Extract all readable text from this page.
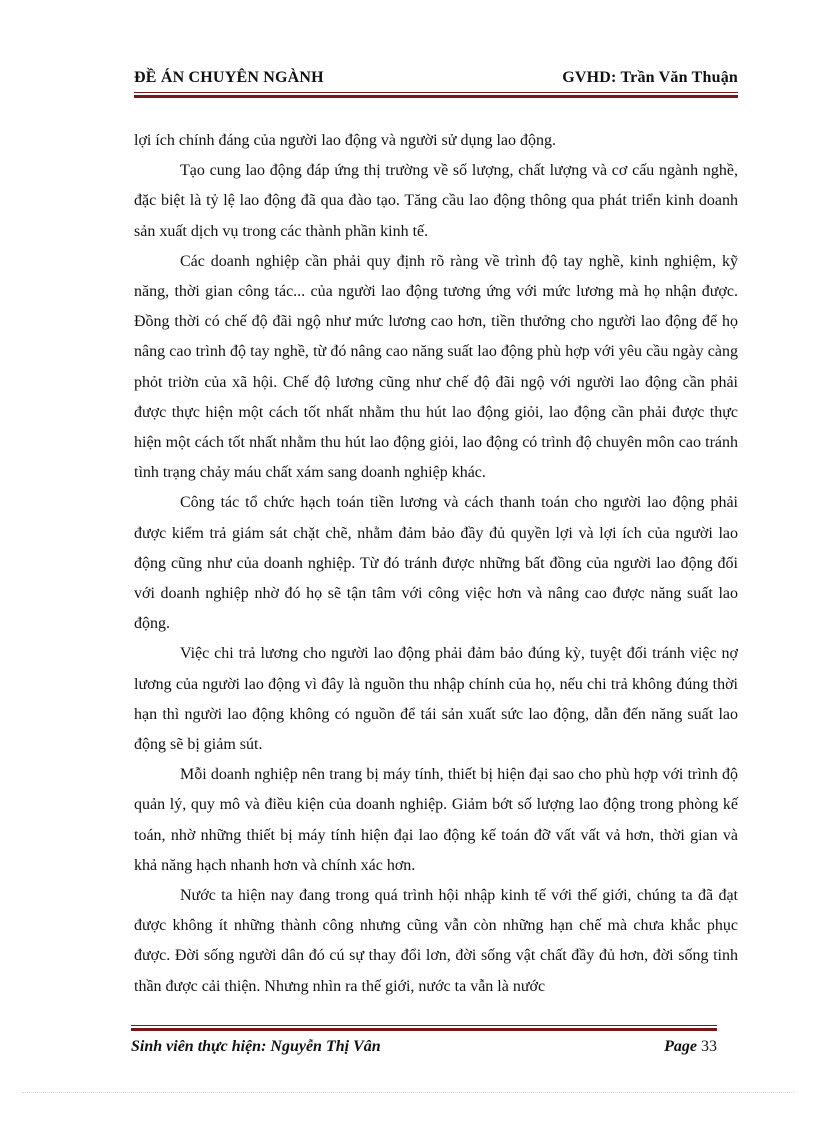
ĐỀ ÁN CHUYÊN NGÀNH	GVHD: Trần Văn Thuận

lợi ích chính đáng của người lao động và người sử dụng lao động.

Tạo cung lao động đáp ứng thị trường về số lượng, chất lượng và cơ cấu ngành nghề, đặc biệt là tỷ lệ lao động đã qua đào tạo. Tăng cầu lao động thông qua phát triển kinh doanh sản xuất dịch vụ trong các thành phần kinh tế.

Các doanh nghiệp cần phải quy định rõ ràng về trình độ tay nghề, kinh nghiệm, kỹ năng, thời gian công tác... của người lao động tương ứng với mức lương mà họ nhận được. Đồng thời có chế độ đãi ngộ như mức lương cao hơn, tiền thưởng cho người lao động để họ nâng cao trình độ tay nghề, từ đó nâng cao năng suất lao động phù hợp với yêu cầu ngày càng phỏt triờn của xã hội. Chế độ lương cũng như chế độ đãi ngộ với người lao động cần phải được thực hiện một cách tốt nhất nhằm thu hút lao động giỏi, lao động cần phải được thực hiện một cách tốt nhất nhằm thu hút lao động giỏi, lao động có trình độ chuyên môn cao tránh tình trạng chảy máu chất xám sang doanh nghiệp khác.

Công tác tổ chức hạch toán tiền lương và cách thanh toán cho người lao động phải được kiểm trả giám sát chặt chẽ, nhằm đảm bảo đầy đủ quyền lợi và lợi ích của người lao động cũng như của doanh nghiệp. Từ đó tránh được những bất đồng của người lao động đối với doanh nghiệp nhờ đó họ sẽ tận tâm với công việc hơn và nâng cao được năng suất lao động.

Việc chi trả lương cho người lao động phải đảm bảo đúng kỳ, tuyệt đối tránh việc nợ lương của người lao động vì đây là nguồn thu nhập chính của họ, nếu chi trả không đúng thời hạn thì người lao động không có nguồn để tái sản xuất sức lao động, dẫn đến năng suất lao động sẽ bị giảm sút.

Mỗi doanh nghiệp nên trang bị máy tính, thiết bị hiện đại sao cho phù hợp với trình độ quản lý, quy mô và điều kiện của doanh nghiệp. Giảm bớt số lượng lao động trong phòng kế toán, nhờ những thiết bị máy tính hiện đại lao động kế toán đỡ vất vất vả hơn, thời gian và khả năng hạch nhanh hơn và chính xác hơn.

Nước ta hiện nay đang trong quá trình hội nhập kinh tế với thế giới, chúng ta đã đạt được không ít những thành công nhưng cũng vẫn còn những hạn chế mà chưa khắc phục được. Đời sống người dân đó cú sự thay đổi lơn, đời sống vật chất đầy đủ hơn, đời sống tinh thần được cải thiện. Nhưng nhìn ra thế giới, nước ta vẫn là nước

Sinh viên thực hiện: Nguyễn Thị Vân	Page 33
